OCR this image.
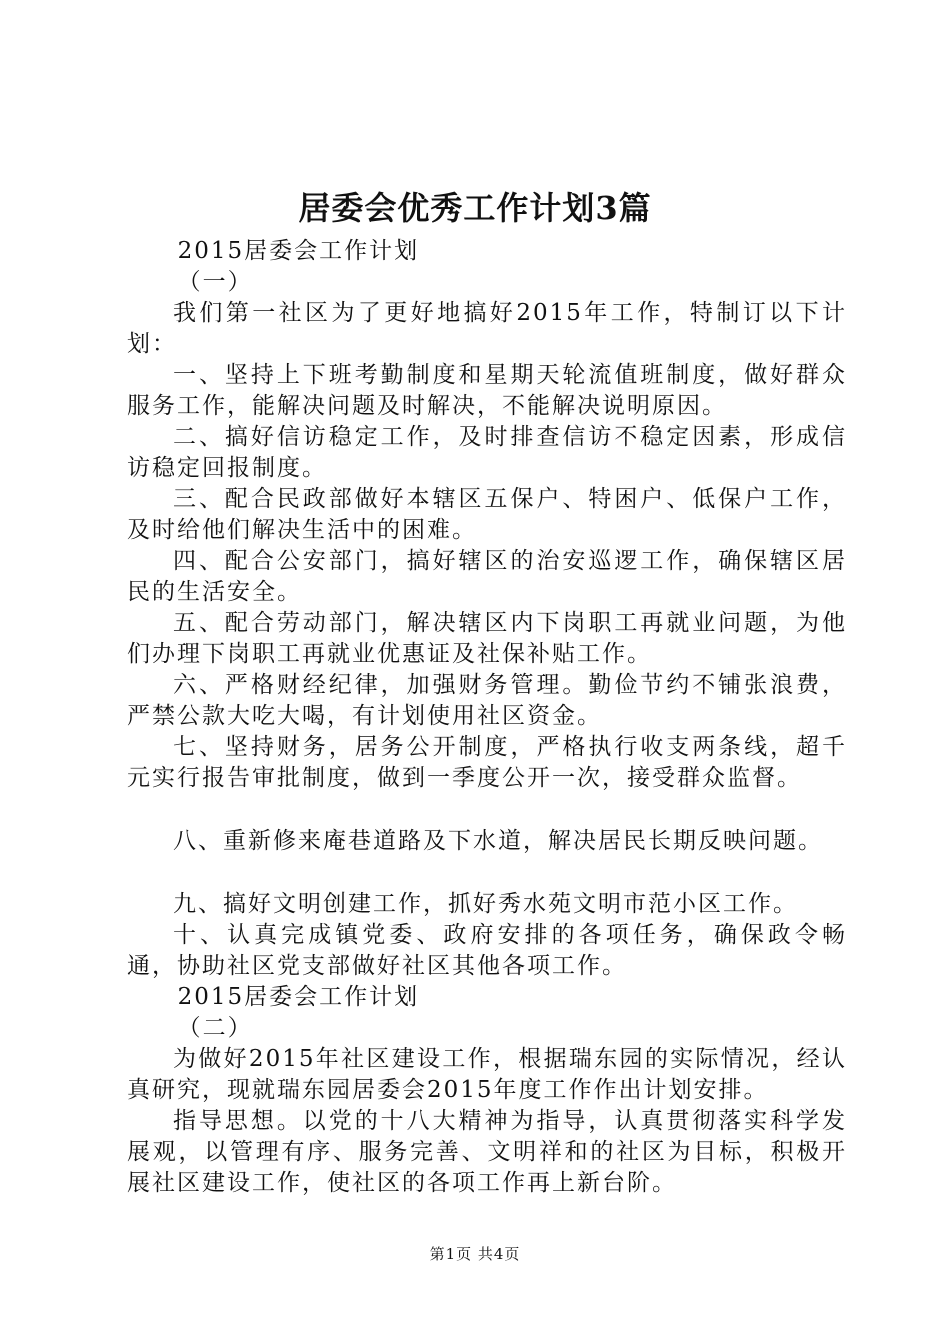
居委会优秀工作计划3篇

2015居委会工作计划

（一）

我们第一社区为了更好地搞好2015年工作，特制订以下计划：

一、坚持上下班考勤制度和星期天轮流值班制度，做好群众服务工作，能解决问题及时解决，不能解决说明原因。

二、搞好信访稳定工作，及时排查信访不稳定因素，形成信访稳定回报制度。

三、配合民政部做好本辖区五保户、特困户、低保户工作，及时给他们解决生活中的困难。

四、配合公安部门，搞好辖区的治安巡逻工作，确保辖区居民的生活安全。

五、配合劳动部门，解决辖区内下岗职工再就业问题，为他们办理下岗职工再就业优惠证及社保补贴工作。

六、严格财经纪律，加强财务管理。勤俭节约不铺张浪费，严禁公款大吃大喝，有计划使用社区资金。

七、坚持财务，居务公开制度，严格执行收支两条线，超千元实行报告审批制度，做到一季度公开一次，接受群众监督。

八、重新修来庵巷道路及下水道，解决居民长期反映问题。

九、搞好文明创建工作，抓好秀水苑文明市范小区工作。

十、认真完成镇党委、政府安排的各项任务，确保政令畅通，协助社区党支部做好社区其他各项工作。

2015居委会工作计划

（二）

为做好2015年社区建设工作，根据瑞东园的实际情况，经认真研究，现就瑞东园居委会2015年度工作作出计划安排。

指导思想。以党的十八大精神为指导，认真贯彻落实科学发展观，以管理有序、服务完善、文明祥和的社区为目标，积极开展社区建设工作，使社区的各项工作再上新台阶。

第1页 共4页
